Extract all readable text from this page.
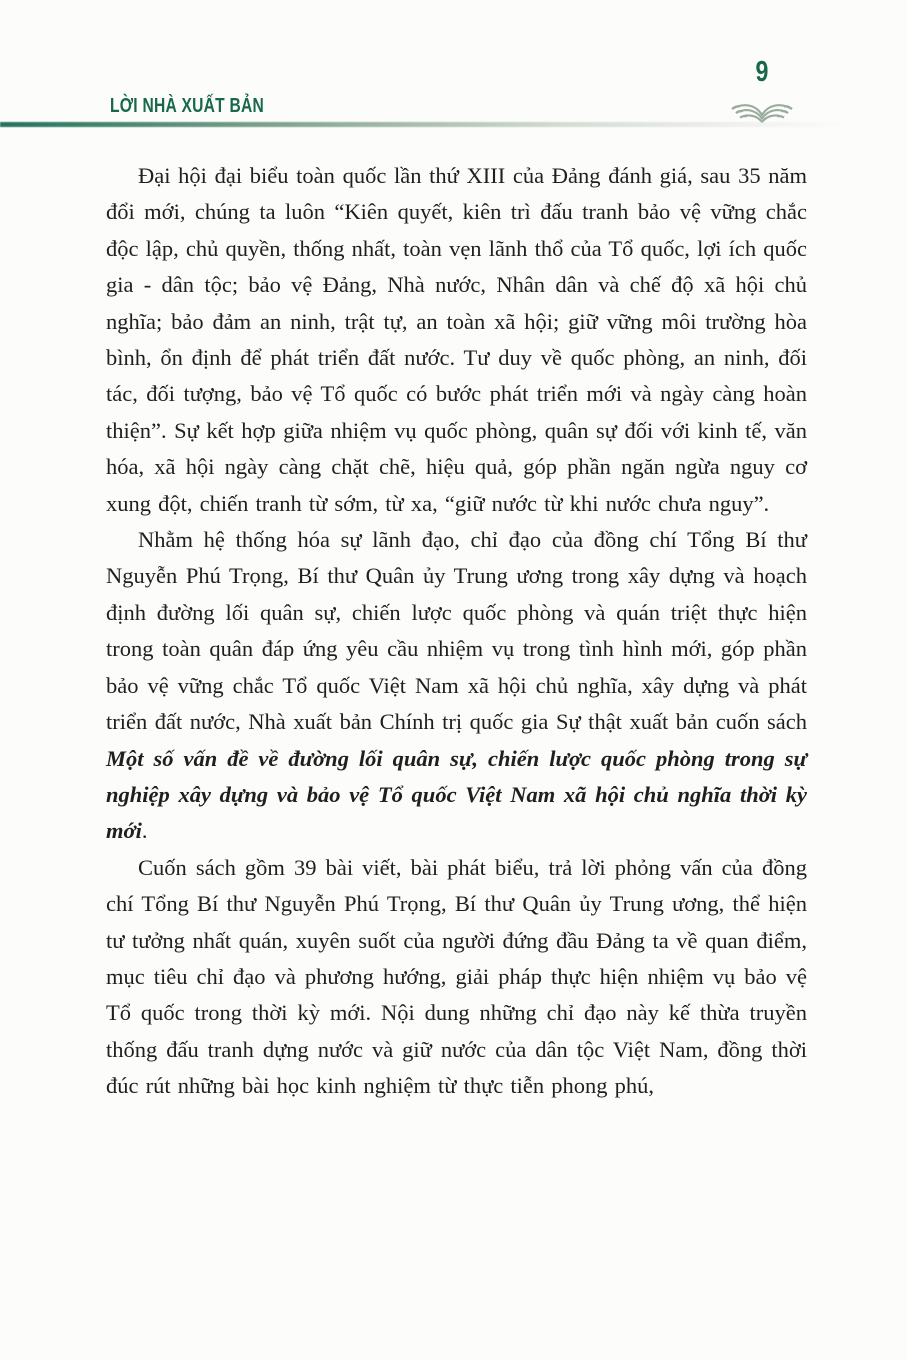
LỜI NHÀ XUẤT BẢN
9

Đại hội đại biểu toàn quốc lần thứ XIII của Đảng đánh giá, sau 35 năm đổi mới, chúng ta luôn “Kiên quyết, kiên trì đấu tranh bảo vệ vững chắc độc lập, chủ quyền, thống nhất, toàn vẹn lãnh thổ của Tổ quốc, lợi ích quốc gia - dân tộc; bảo vệ Đảng, Nhà nước, Nhân dân và chế độ xã hội chủ nghĩa; bảo đảm an ninh, trật tự, an toàn xã hội; giữ vững môi trường hòa bình, ổn định để phát triển đất nước. Tư duy về quốc phòng, an ninh, đối tác, đối tượng, bảo vệ Tổ quốc có bước phát triển mới và ngày càng hoàn thiện”. Sự kết hợp giữa nhiệm vụ quốc phòng, quân sự đối với kinh tế, văn hóa, xã hội ngày càng chặt chẽ, hiệu quả, góp phần ngăn ngừa nguy cơ xung đột, chiến tranh từ sớm, từ xa, “giữ nước từ khi nước chưa nguy”.

Nhằm hệ thống hóa sự lãnh đạo, chỉ đạo của đồng chí Tổng Bí thư Nguyễn Phú Trọng, Bí thư Quân ủy Trung ương trong xây dựng và hoạch định đường lối quân sự, chiến lược quốc phòng và quán triệt thực hiện trong toàn quân đáp ứng yêu cầu nhiệm vụ trong tình hình mới, góp phần bảo vệ vững chắc Tổ quốc Việt Nam xã hội chủ nghĩa, xây dựng và phát triển đất nước, Nhà xuất bản Chính trị quốc gia Sự thật xuất bản cuốn sách Một số vấn đề về đường lối quân sự, chiến lược quốc phòng trong sự nghiệp xây dựng và bảo vệ Tổ quốc Việt Nam xã hội chủ nghĩa thời kỳ mới.

Cuốn sách gồm 39 bài viết, bài phát biểu, trả lời phỏng vấn của đồng chí Tổng Bí thư Nguyễn Phú Trọng, Bí thư Quân ủy Trung ương, thể hiện tư tưởng nhất quán, xuyên suốt của người đứng đầu Đảng ta về quan điểm, mục tiêu chỉ đạo và phương hướng, giải pháp thực hiện nhiệm vụ bảo vệ Tổ quốc trong thời kỳ mới. Nội dung những chỉ đạo này kế thừa truyền thống đấu tranh dựng nước và giữ nước của dân tộc Việt Nam, đồng thời đúc rút những bài học kinh nghiệm từ thực tiễn phong phú,
